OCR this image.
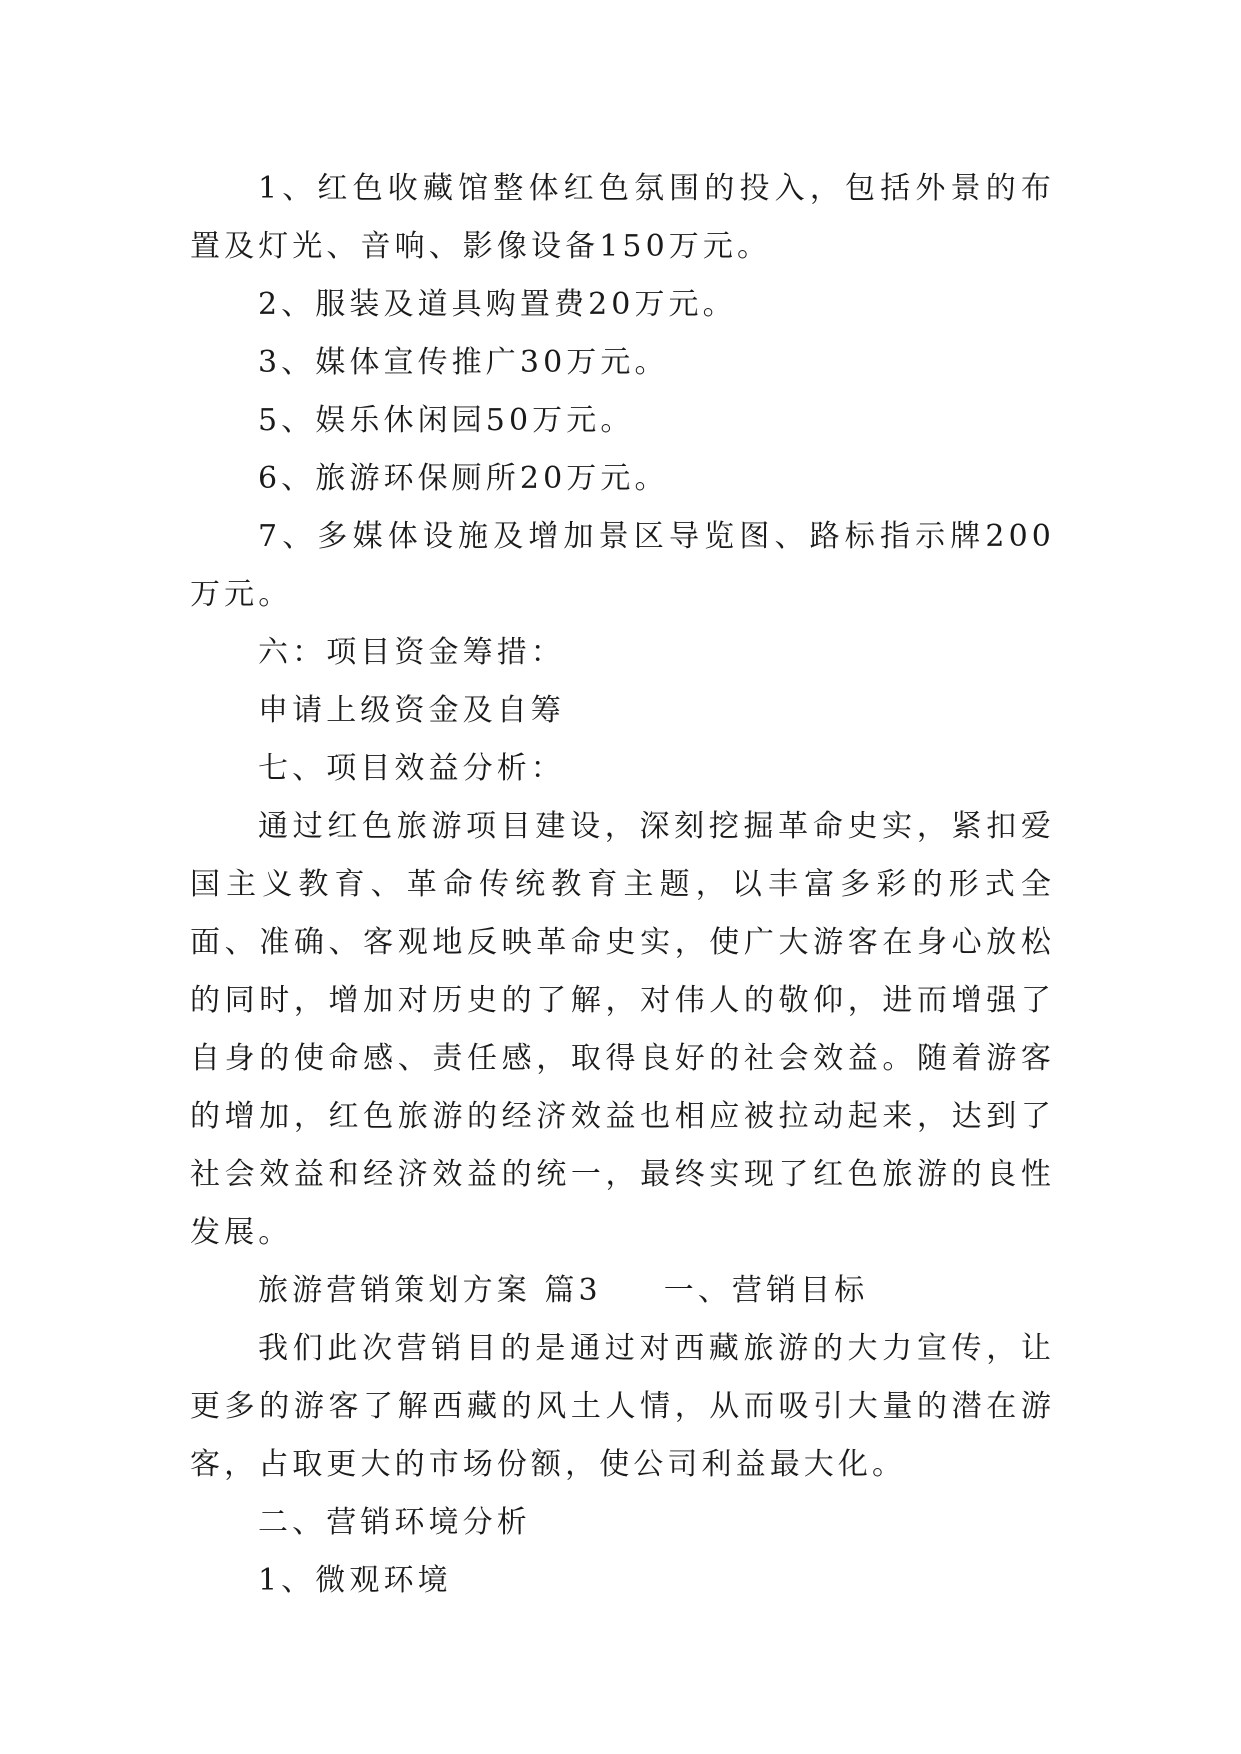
1、红色收藏馆整体红色氛围的投入，包括外景的布置及灯光、音响、影像设备150万元。

2、服装及道具购置费20万元。

3、媒体宣传推广30万元。

5、娱乐休闲园50万元。

6、旅游环保厕所20万元。

7、多媒体设施及增加景区导览图、路标指示牌200万元。

六：项目资金筹措：

申请上级资金及自筹

七、项目效益分析：

通过红色旅游项目建设，深刻挖掘革命史实，紧扣爱国主义教育、革命传统教育主题，以丰富多彩的形式全面、准确、客观地反映革命史实，使广大游客在身心放松的同时，增加对历史的了解，对伟人的敬仰，进而增强了自身的使命感、责任感，取得良好的社会效益。随着游客的增加，红色旅游的经济效益也相应被拉动起来，达到了社会效益和经济效益的统一，最终实现了红色旅游的良性发展。

旅游营销策划方案 篇3 一、营销目标

我们此次营销目的是通过对西藏旅游的大力宣传，让更多的游客了解西藏的风土人情，从而吸引大量的潜在游客，占取更大的市场份额，使公司利益最大化。

二、营销环境分析

1、微观环境
